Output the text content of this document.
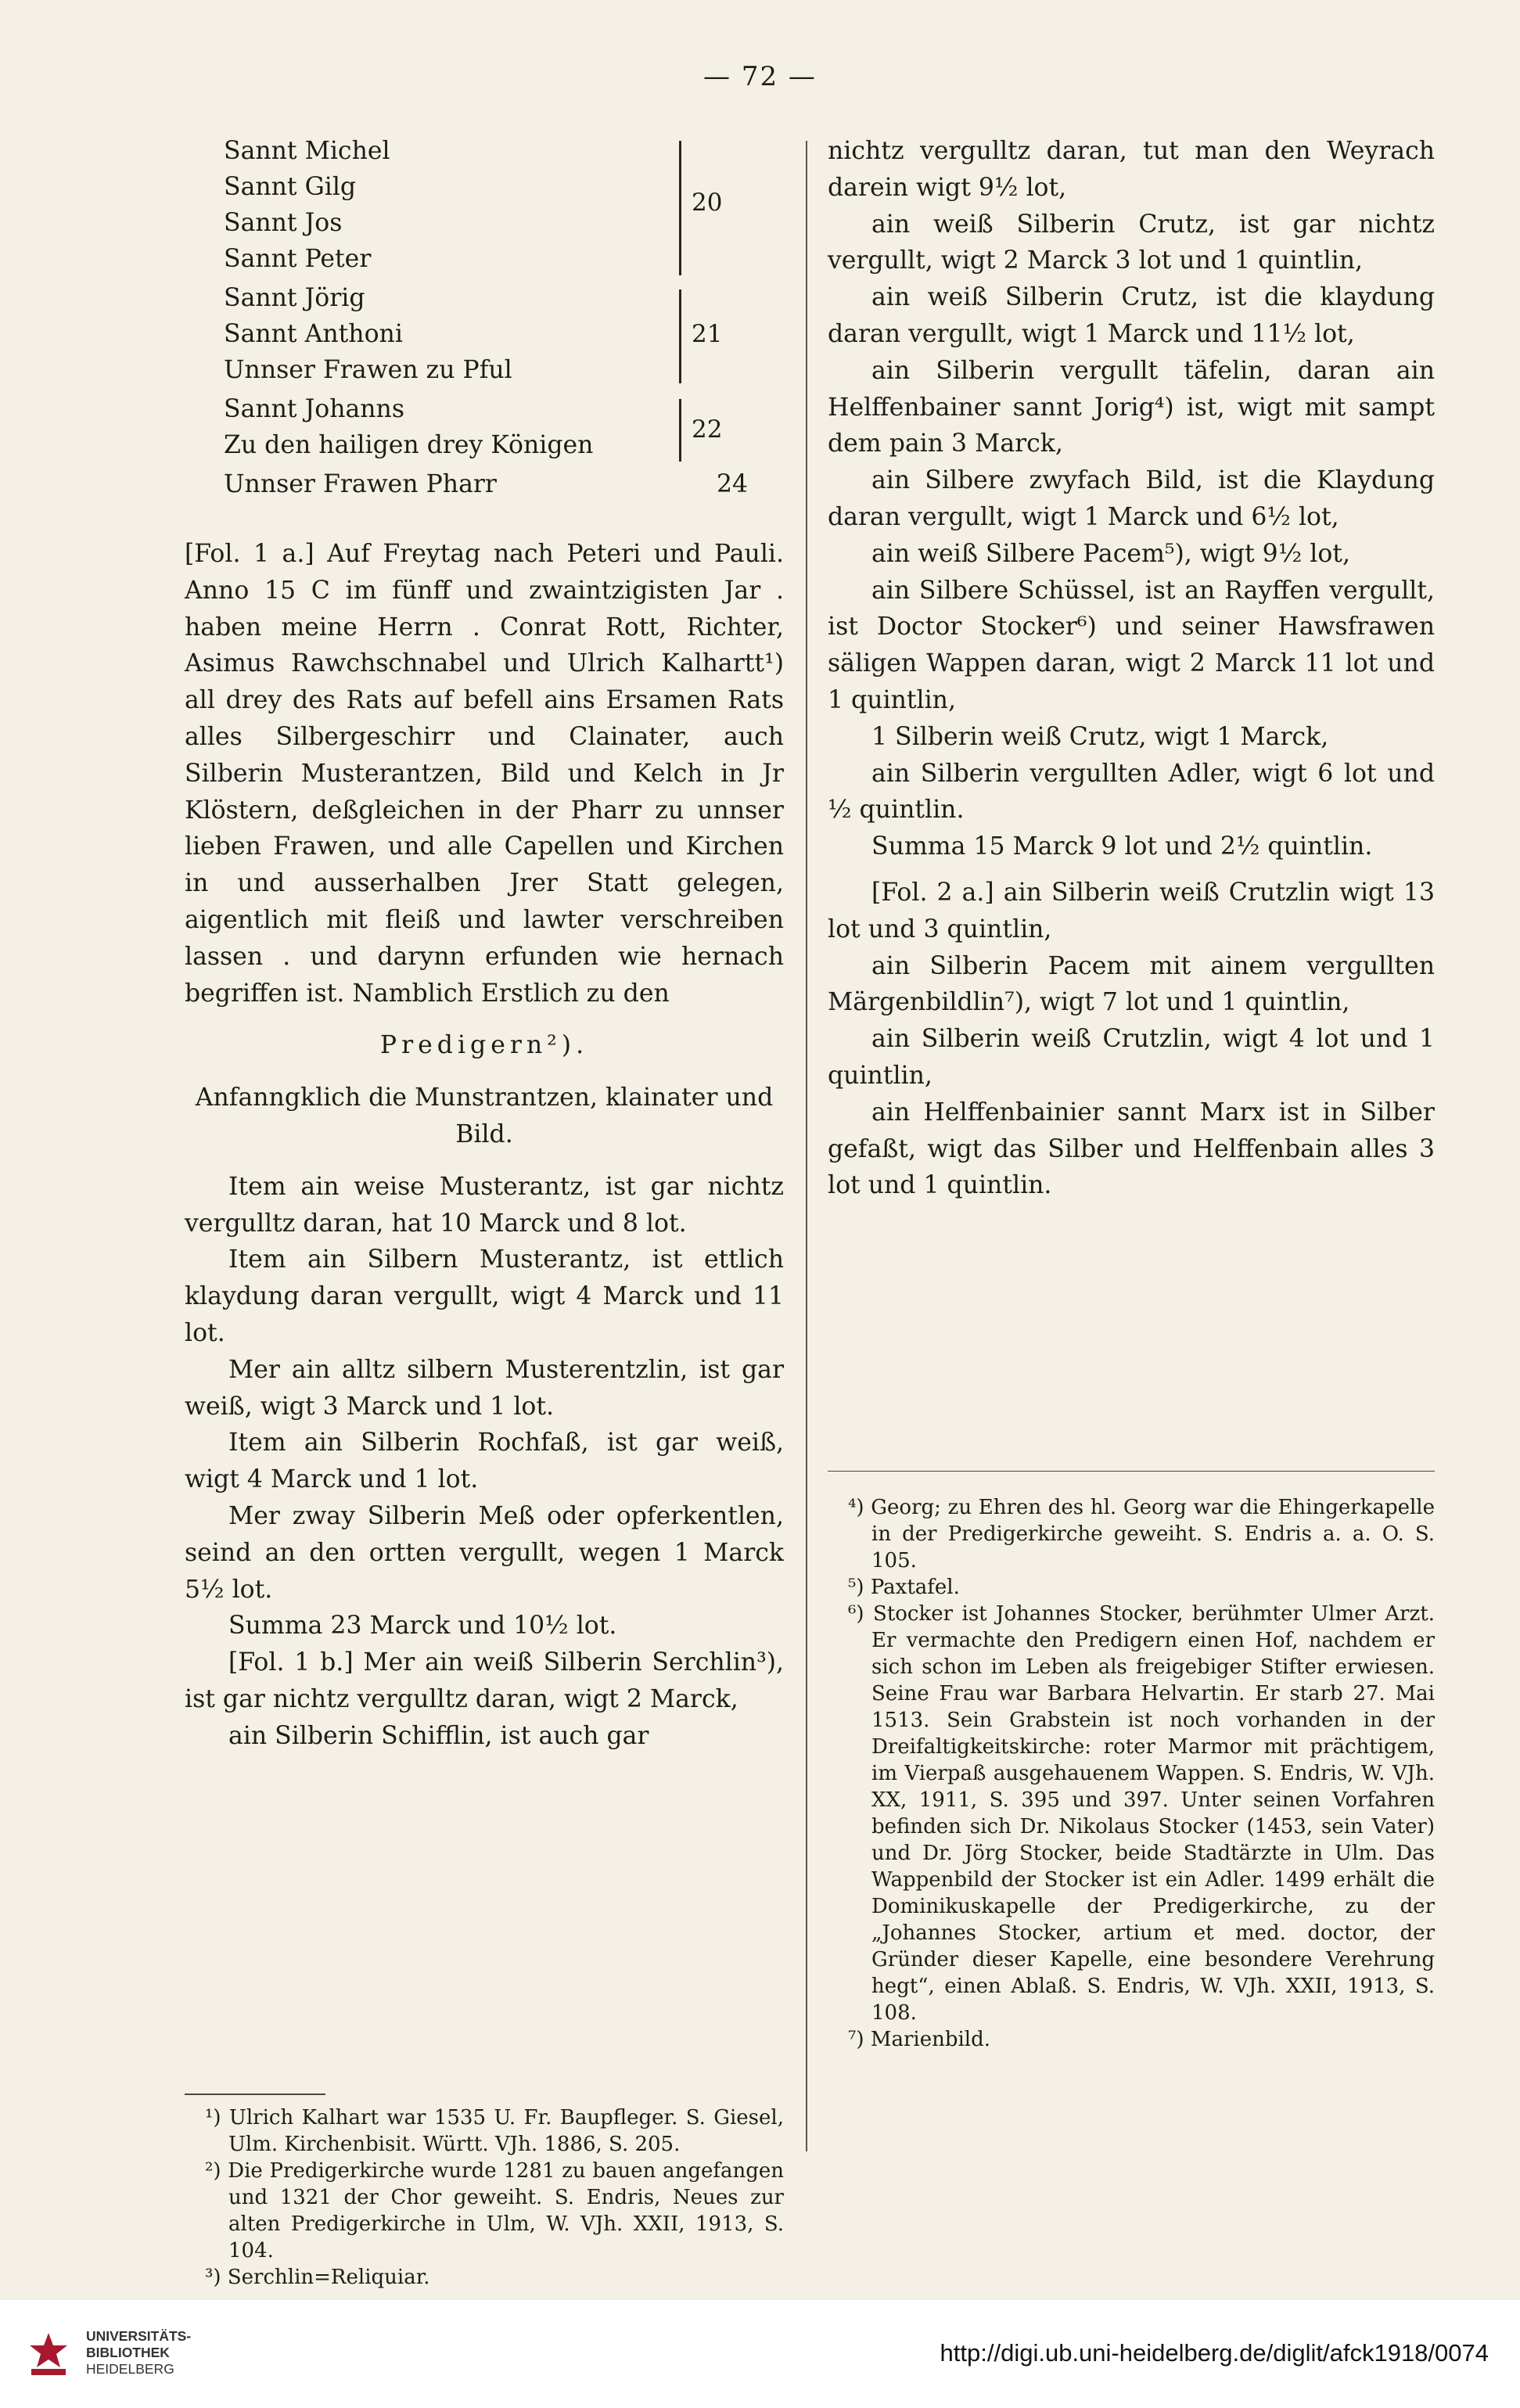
— 72 —
Sannt Michel
Sannt Gilg
Sannt Jos
Sannt Peter
Sannt Jörig
Sannt Anthoni
Unnser Frawen zu Pful
Sannt Johanns
Zu den hailigen drey Königen
Unnser Frawen Pharr
20
21
22
24

[Fol. 1 a.] Auf Freytag nach Peteri und Pauli. Anno 15 C im fünff und zwaintzigisten Jar . haben meine Herrn . Conrat Rott, Richter, Asimus Rawchschnabel und Ulrich Kalhartt¹) all drey des Rats auf befell ains Ersamen Rats alles Silbergeschirr und Clainater, auch Silberin Musterantzen, Bild und Kelch in Jr Klöstern, deßgleichen in der Pharr zu unnser lieben Frawen, und alle Capellen und Kirchen in und ausserhalben Jrer Statt gelegen, aigentlich mit fleiß und lawter verschreiben lassen . und darynn erfunden wie hernach begriffen ist. Namblich Erstlich zu den

Predigern²).

Anfanngklich die Munstrantzen, klainater und Bild.

Item ain weise Musterantz, ist gar nichtz vergulltz daran, hat 10 Marck und 8 lot.

Item ain Silbern Musterantz, ist ettlich klaydung daran vergullt, wigt 4 Marck und 11 lot.

Mer ain alltz silbern Musterentzlin, ist gar weiß, wigt 3 Marck und 1 lot.

Item ain Silberin Rochfaß, ist gar weiß, wigt 4 Marck und 1 lot.

Mer zway Silberin Meß oder opferkentlen, seind an den ortten vergullt, wegen 1 Marck 5½ lot.

Summa 23 Marck und 10½ lot.

[Fol. 1 b.] Mer ain weiß Silberin Serchlin³), ist gar nichtz vergulltz daran, wigt 2 Marck,

ain Silberin Schifflin, ist auch gar

¹) Ulrich Kalhart war 1535 U. Fr. Baupfleger. S. Giesel, Ulm. Kirchenbisit. Württ. VJh. 1886, S. 205.

²) Die Predigerkirche wurde 1281 zu bauen angefangen und 1321 der Chor geweiht. S. Endris, Neues zur alten Predigerkirche in Ulm, W. VJh. XXII, 1913, S. 104.

³) Serchlin=Reliquiar.

nichtz vergulltz daran, tut man den Weyrach darein wigt 9½ lot,

ain weiß Silberin Crutz, ist gar nichtz vergullt, wigt 2 Marck 3 lot und 1 quintlin,

ain weiß Silberin Crutz, ist die klaydung daran vergullt, wigt 1 Marck und 11½ lot,

ain Silberin vergullt täfelin, daran ain Helffenbainer sannt Jorig⁴) ist, wigt mit sampt dem pain 3 Marck,

ain Silbere zwyfach Bild, ist die Klaydung daran vergullt, wigt 1 Marck und 6½ lot,

ain weiß Silbere Pacem⁵), wigt 9½ lot,

ain Silbere Schüssel, ist an Rayffen vergullt, ist Doctor Stocker⁶) und seiner Hawsfrawen säligen Wappen daran, wigt 2 Marck 11 lot und 1 quintlin,

1 Silberin weiß Crutz, wigt 1 Marck,

ain Silberin vergullten Adler, wigt 6 lot und ½ quintlin.

Summa 15 Marck 9 lot und 2½ quintlin.

[Fol. 2 a.] ain Silberin weiß Crutzlin wigt 13 lot und 3 quintlin,

ain Silberin Pacem mit ainem vergullten Märgenbildlin⁷), wigt 7 lot und 1 quintlin,

ain Silberin weiß Crutzlin, wigt 4 lot und 1 quintlin,

ain Helffenbainier sannt Marx ist in Silber gefaßt, wigt das Silber und Helffenbain alles 3 lot und 1 quintlin.

⁴) Georg; zu Ehren des hl. Georg war die Ehingerkapelle in der Predigerkirche geweiht. S. Endris a. a. O. S. 105.

⁵) Paxtafel.

⁶) Stocker ist Johannes Stocker, berühmter Ulmer Arzt. Er vermachte den Predigern einen Hof, nachdem er sich schon im Leben als freigebiger Stifter erwiesen. Seine Frau war Barbara Helvartin. Er starb 27. Mai 1513. Sein Grabstein ist noch vorhanden in der Dreifaltigkeitskirche: roter Marmor mit prächtigem, im Vierpaß ausgehauenem Wappen. S. Endris, W. VJh. XX, 1911, S. 395 und 397. Unter seinen Vorfahren befinden sich Dr. Nikolaus Stocker (1453, sein Vater) und Dr. Jörg Stocker, beide Stadtärzte in Ulm. Das Wappenbild der Stocker ist ein Adler. 1499 erhält die Dominikuskapelle der Predigerkirche, zu der „Johannes Stocker, artium et med. doctor, der Gründer dieser Kapelle, eine besondere Verehrung hegt“, einen Ablaß. S. Endris, W. VJh. XXII, 1913, S. 108.

⁷) Marienbild.

UNIVERSITÄTS-
BIBLIOTHEK
HEIDELBERG
http://digi.ub.uni-heidelberg.de/diglit/afck1918/0074
